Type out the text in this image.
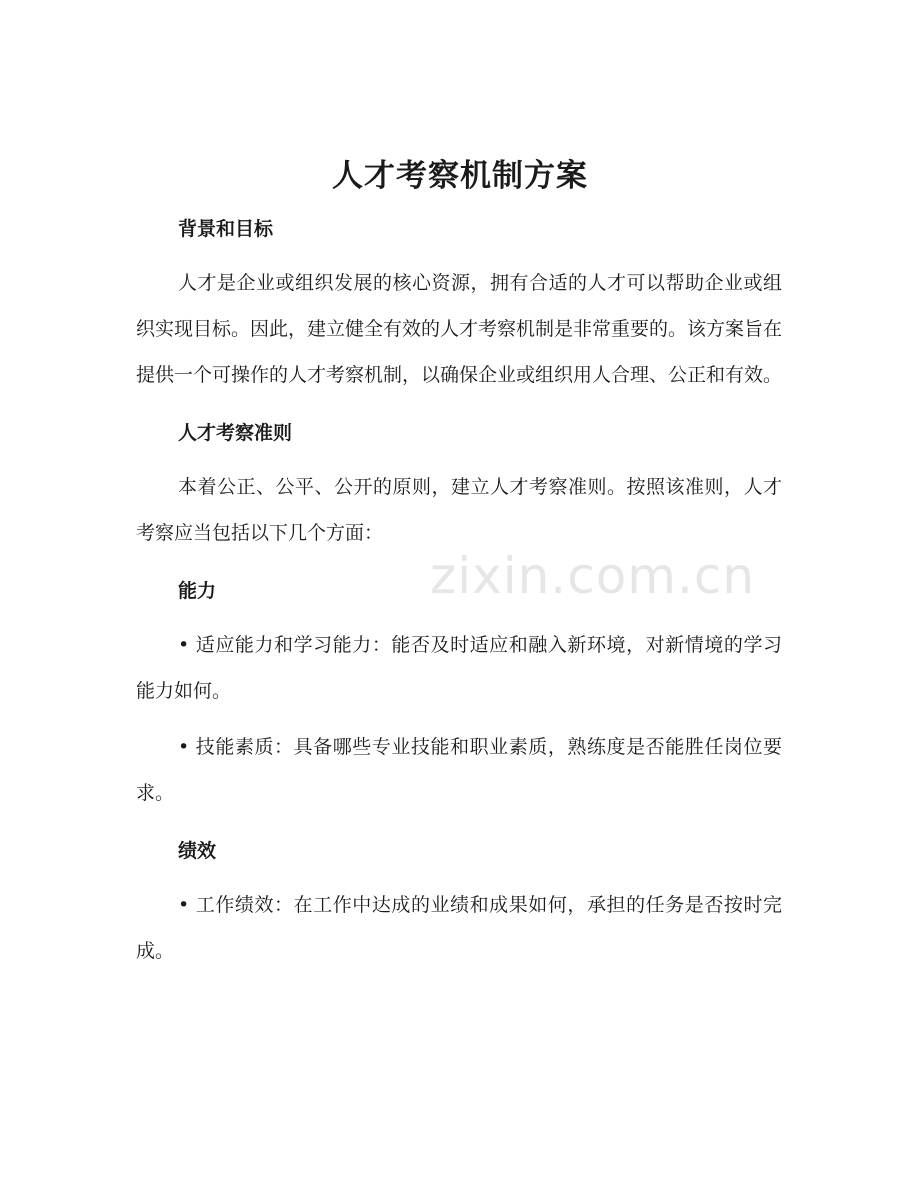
zixin.com.cn
人才考察机制方案
背景和目标

人才是企业或组织发展的核心资源，拥有合适的人才可以帮助企业或组织实现目标。因此，建立健全有效的人才考察机制是非常重要的。该方案旨在提供一个可操作的人才考察机制，以确保企业或组织用人合理、公正和有效。

人才考察准则

本着公正、公平、公开的原则，建立人才考察准则。按照该准则，人才考察应当包括以下几个方面：

能力

• 适应能力和学习能力：能否及时适应和融入新环境，对新情境的学习能力如何。

• 技能素质：具备哪些专业技能和职业素质，熟练度是否能胜任岗位要求。

绩效

• 工作绩效：在工作中达成的业绩和成果如何，承担的任务是否按时完成。
